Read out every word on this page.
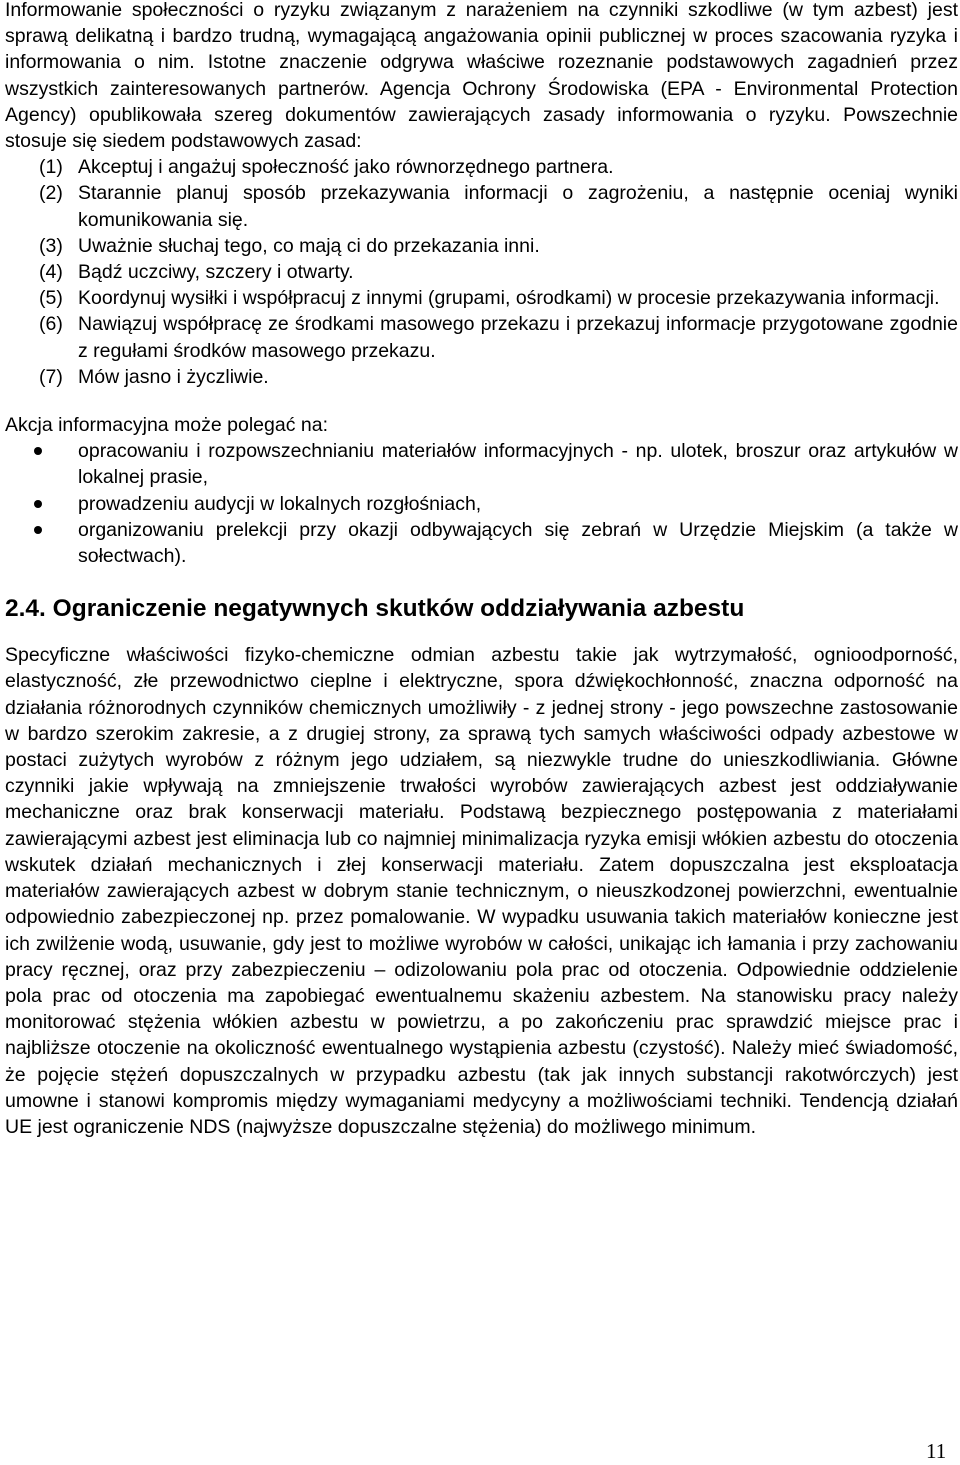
Informowanie społeczności o ryzyku związanym z narażeniem na czynniki szkodliwe (w tym azbest) jest sprawą delikatną i bardzo trudną, wymagającą angażowania opinii publicznej w proces szacowania ryzyka i informowania o nim. Istotne znaczenie odgrywa właściwe rozeznanie podstawowych zagadnień przez wszystkich zainteresowanych partnerów. Agencja Ochrony Środowiska (EPA - Environmental Protection Agency) opublikowała szereg dokumentów zawierających zasady informowania o ryzyku. Powszechnie stosuje się siedem podstawowych zasad:

(1) Akceptuj i angażuj społeczność jako równorzędnego partnera.
(2) Starannie planuj sposób przekazywania informacji o zagrożeniu, a następnie oceniaj wyniki komunikowania się.
(3) Uważnie słuchaj tego, co mają ci do przekazania inni.
(4) Bądź uczciwy, szczery i otwarty.
(5) Koordynuj wysiłki i współpracuj z innymi (grupami, ośrodkami) w procesie przekazywania informacji.
(6) Nawiązuj współpracę ze środkami masowego przekazu i przekazuj informacje przygotowane zgodnie z regułami środków masowego przekazu.
(7) Mów jasno i życzliwie.

Akcja informacyjna może polegać na:

opracowaniu i rozpowszechnianiu materiałów informacyjnych - np. ulotek, broszur oraz artykułów w lokalnej prasie,
prowadzeniu audycji w lokalnych rozgłośniach,
organizowaniu prelekcji przy okazji odbywających się zebrań w Urzędzie Miejskim (a także w sołectwach).
2.4. Ograniczenie negatywnych skutków oddziaływania azbestu

Specyficzne właściwości fizyko-chemiczne odmian azbestu takie jak wytrzymałość, ognioodporność, elastyczność, złe przewodnictwo cieplne i elektryczne, spora dźwiękochłonność, znaczna odporność na działania różnorodnych czynników chemicznych umożliwiły - z jednej strony - jego powszechne zastosowanie w bardzo szerokim zakresie, a z drugiej strony, za sprawą tych samych właściwości odpady azbestowe w postaci zużytych wyrobów z różnym jego udziałem, są niezwykle trudne do unieszkodliwiania. Główne czynniki jakie wpływają na zmniejszenie trwałości wyrobów zawierających azbest jest oddziaływanie mechaniczne oraz brak konserwacji materiału. Podstawą bezpiecznego postępowania z materiałami zawierającymi azbest jest eliminacja lub co najmniej minimalizacja ryzyka emisji włókien azbestu do otoczenia wskutek działań mechanicznych i złej konserwacji materiału. Zatem dopuszczalna jest eksploatacja materiałów zawierających azbest w dobrym stanie technicznym, o nieuszkodzonej powierzchni, ewentualnie odpowiednio zabezpieczonej np. przez pomalowanie. W wypadku usuwania takich materiałów konieczne jest ich zwilżenie wodą, usuwanie, gdy jest to możliwe wyrobów w całości, unikając ich łamania i przy zachowaniu pracy ręcznej, oraz przy zabezpieczeniu – odizolowaniu pola prac od otoczenia. Odpowiednie oddzielenie pola prac od otoczenia ma zapobiegać ewentualnemu skażeniu azbestem. Na stanowisku pracy należy monitorować stężenia włókien azbestu w powietrzu, a po zakończeniu prac sprawdzić miejsce prac i najbliższe otoczenie na okoliczność ewentualnego wystąpienia azbestu (czystość). Należy mieć świadomość, że pojęcie stężeń dopuszczalnych w przypadku azbestu (tak jak innych substancji rakotwórczych) jest umowne i stanowi kompromis między wymaganiami medycyny a możliwościami techniki. Tendencją działań UE jest ograniczenie NDS (najwyższe dopuszczalne stężenia) do możliwego minimum.

11
